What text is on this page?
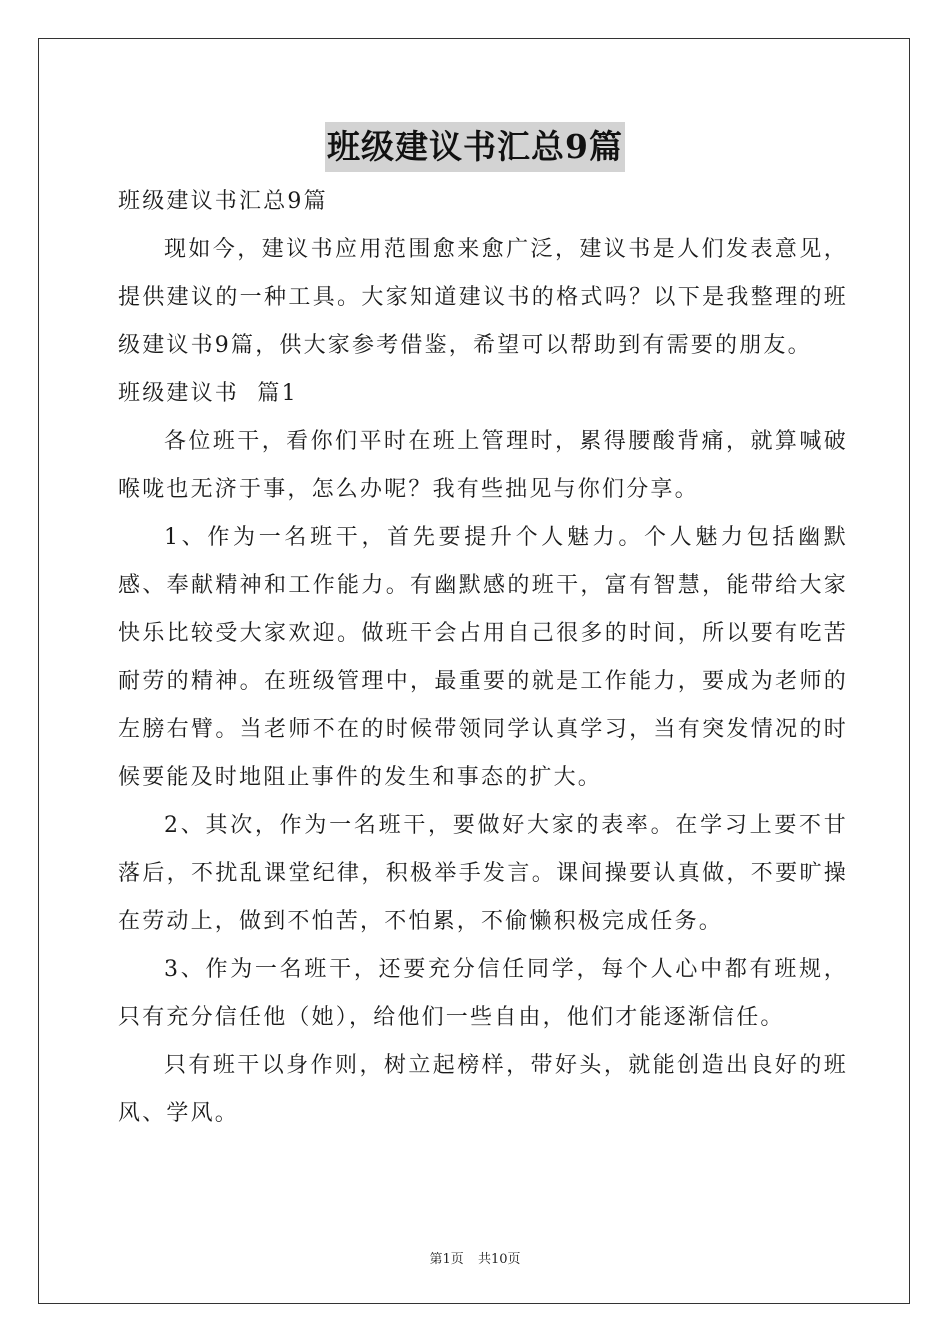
班级建议书汇总9篇

班级建议书汇总9篇

现如今，建议书应用范围愈来愈广泛，建议书是人们发表意见，提供建议的一种工具。大家知道建议书的格式吗？以下是我整理的班级建议书9篇，供大家参考借鉴，希望可以帮助到有需要的朋友。

班级建议书  篇1

各位班干，看你们平时在班上管理时，累得腰酸背痛，就算喊破喉咙也无济于事，怎么办呢？我有些拙见与你们分享。

1、作为一名班干，首先要提升个人魅力。个人魅力包括幽默感、奉献精神和工作能力。有幽默感的班干，富有智慧，能带给大家快乐比较受大家欢迎。做班干会占用自己很多的时间，所以要有吃苦耐劳的精神。在班级管理中，最重要的就是工作能力，要成为老师的左膀右臂。当老师不在的时候带领同学认真学习，当有突发情况的时候要能及时地阻止事件的发生和事态的扩大。

2、其次，作为一名班干，要做好大家的表率。在学习上要不甘落后，不扰乱课堂纪律，积极举手发言。课间操要认真做，不要旷操在劳动上，做到不怕苦，不怕累，不偷懒积极完成任务。

3、作为一名班干，还要充分信任同学，每个人心中都有班规，只有充分信任他（她），给他们一些自由，他们才能逐渐信任。

只有班干以身作则，树立起榜样，带好头，就能创造出良好的班风、学风。

第1页 共10页
